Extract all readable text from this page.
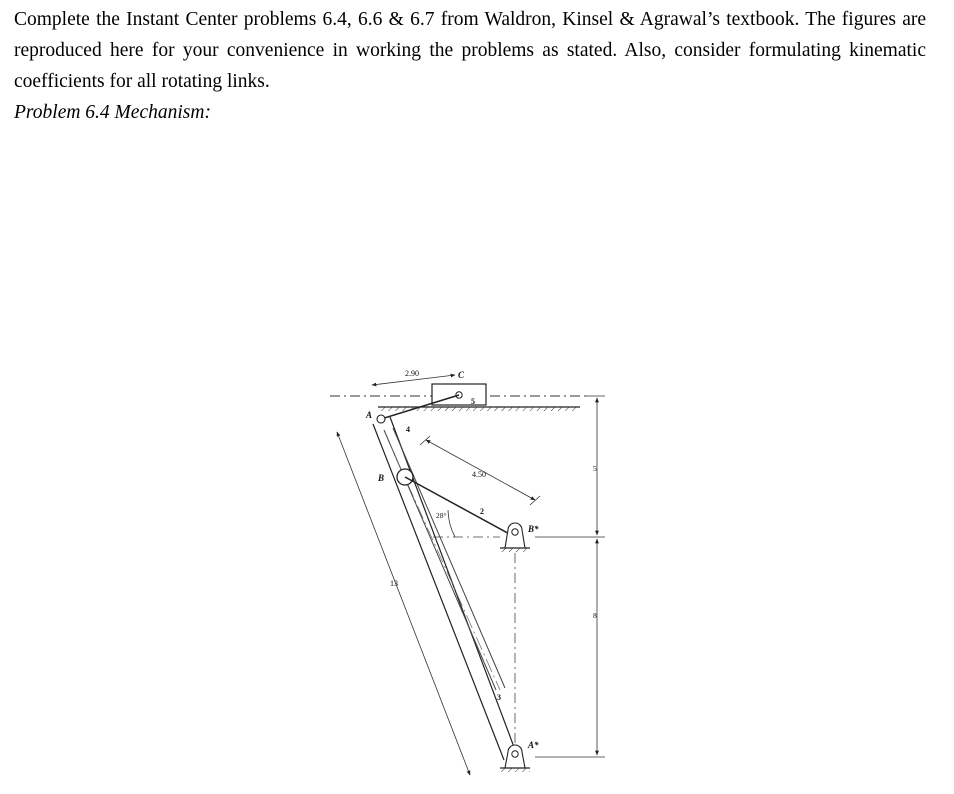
Complete the Instant Center problems 6.4, 6.6 & 6.7 from Waldron, Kinsel & Agrawal’s textbook. The figures are reproduced here for your convenience in working the problems as stated. Also, consider formulating kinematic coefficients for all rotating links.

Problem 6.4 Mechanism:

2.90	C
5
A
4
B	4.50
2
28°
B*
5
13
8
3
A*
